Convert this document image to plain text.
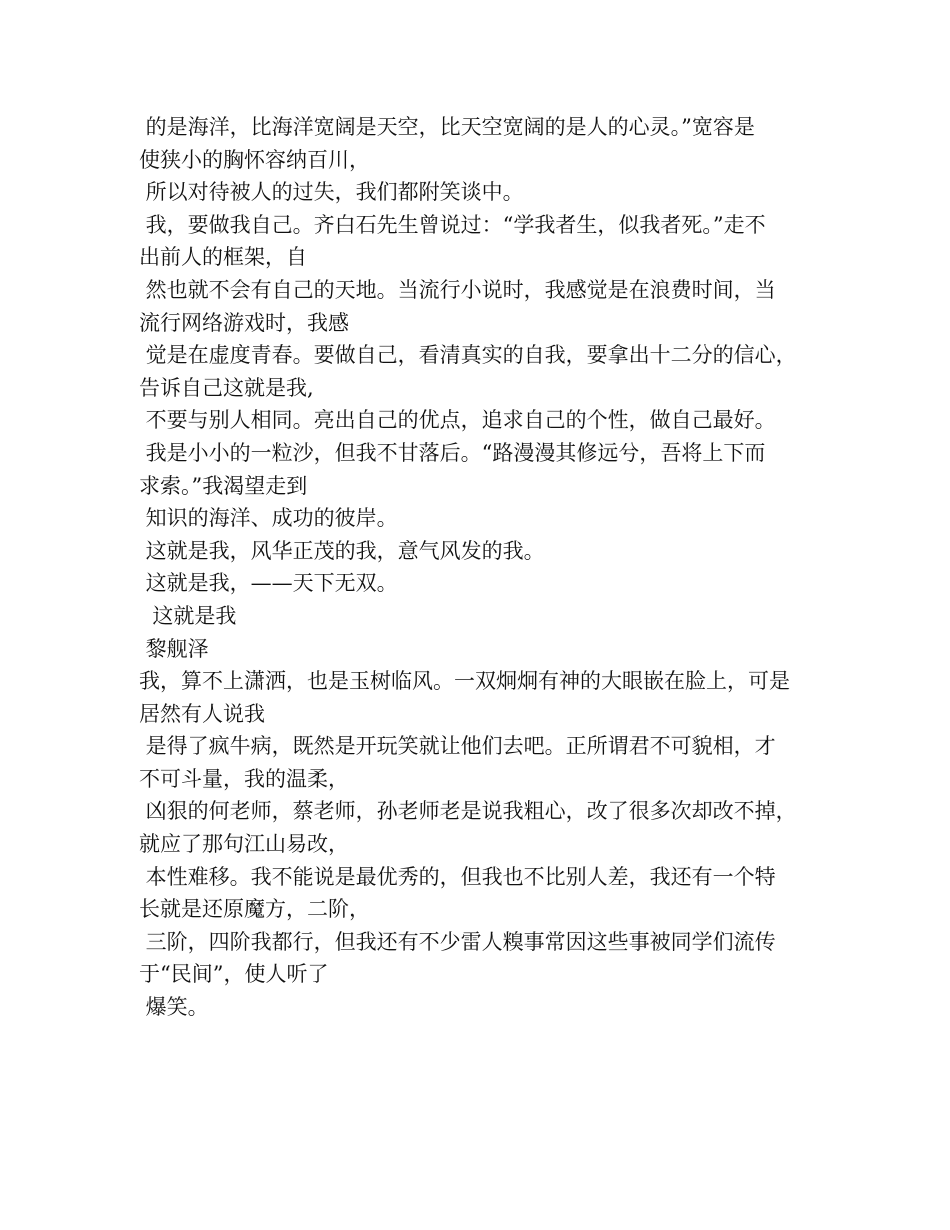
的是海洋，比海洋宽阔是天空，比天空宽阔的是人的心灵。”宽容是
使狭小的胸怀容纳百川，
所以对待被人的过失，我们都附笑谈中。
我，要做我自己。齐白石先生曾说过：“学我者生，似我者死。”走不
出前人的框架，自
然也就不会有自己的天地。当流行小说时，我感觉是在浪费时间，当
流行网络游戏时，我感
觉是在虚度青春。要做自己，看清真实的自我，要拿出十二分的信心，
告诉自己这就是我,
不要与别人相同。亮出自己的优点，追求自己的个性，做自己最好。
我是小小的一粒沙，但我不甘落后。“路漫漫其修远兮，吾将上下而
求索。”我渴望走到
知识的海洋、成功的彼岸。
这就是我，风华正茂的我，意气风发的我。
这就是我，——天下无双。
这就是我
黎舰泽
我，算不上潇洒，也是玉树临风。一双炯炯有神的大眼嵌在脸上，可是
居然有人说我
是得了疯牛病，既然是开玩笑就让他们去吧。正所谓君不可貌相，才
不可斗量，我的温柔，
凶狠的何老师，蔡老师，孙老师老是说我粗心，改了很多次却改不掉，
就应了那句江山易改，
本性难移。我不能说是最优秀的，但我也不比别人差，我还有一个特
长就是还原魔方，二阶，
三阶，四阶我都行，但我还有不少雷人糗事常因这些事被同学们流传
于“民间”，使人听了
爆笑。
